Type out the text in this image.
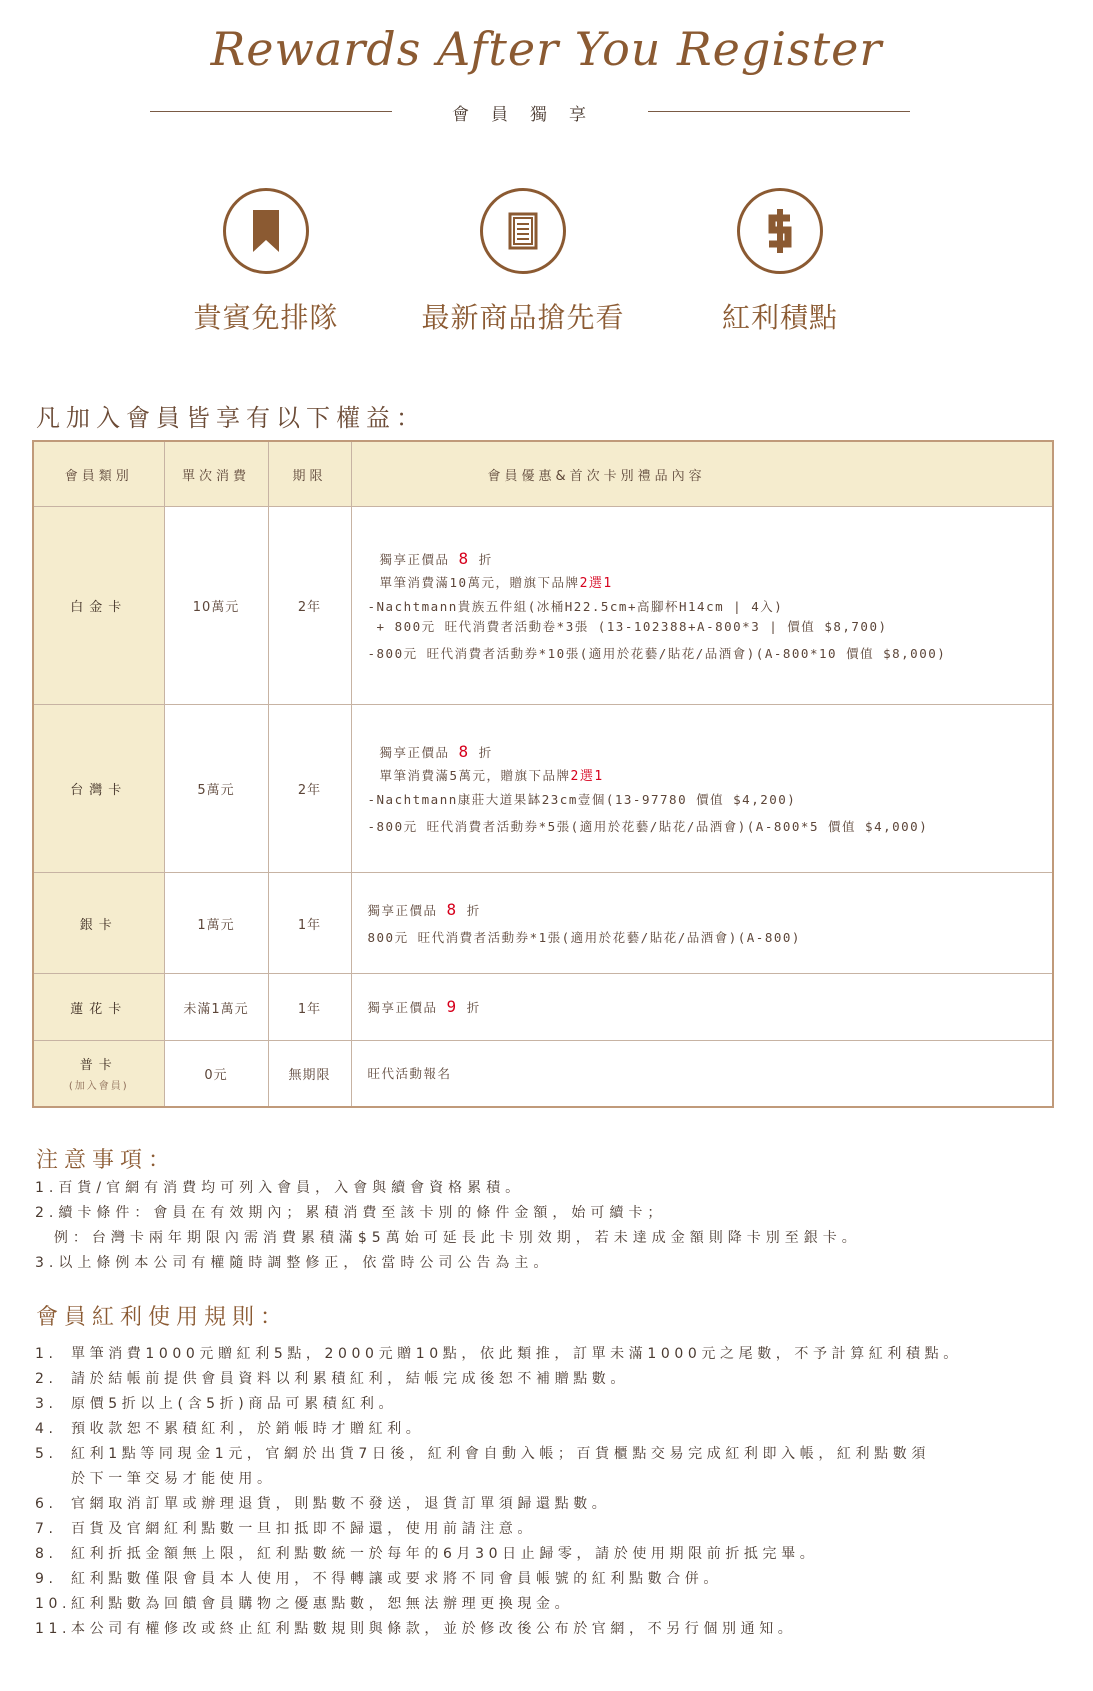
Rewards After You Register
會員獨享
貴賓免排隊	最新商品搶先看	紅利積點
凡加入會員皆享有以下權益：
會員類別	單次消費	期限	會員優惠&首次卡別禮品內容
白金卡	10萬元	2年	獨享正價品 8 折
單筆消費滿10萬元，贈旗下品牌2選1
-Nachtmann貴族五件組(冰桶H22.5cm+高腳杯H14cm | 4入)
+ 800元 旺代消費者活動卷*3張 (13-102388+A-800*3 | 價值 $8,700)
-800元 旺代消費者活動券*10張(適用於花藝/貼花/品酒會)(A-800*10 價值 $8,000)

台灣卡	5萬元	2年	獨享正價品 8 折
單筆消費滿5萬元，贈旗下品牌2選1
-Nachtmann康莊大道果缽23cm壹個(13-97780 價值 $4,200)
-800元 旺代消費者活動券*5張(適用於花藝/貼花/品酒會)(A-800*5 價值 $4,000)

銀卡	1萬元	1年	獨享正價品 8 折
800元 旺代消費者活動券*1張(適用於花藝/貼花/品酒會)(A-800)

蓮花卡	未滿1萬元	1年	獨享正價品 9 折

普卡
(加入會員)	0元	無期限	旺代活動報名
注意事項：
1.百貨/官網有消費均可列入會員，入會與續會資格累積。
2.續卡條件：會員在有效期內；累積消費至該卡別的條件金額，始可續卡；
例：台灣卡兩年期限內需消費累積滿$5萬始可延長此卡別效期，若未達成金額則降卡別至銀卡。
3.以上條例本公司有權隨時調整修正，依當時公司公告為主。
會員紅利使用規則：
1. 單筆消費1000元贈紅利5點，2000元贈10點，依此類推，訂單未滿1000元之尾數，不予計算紅利積點。
2. 請於結帳前提供會員資料以利累積紅利，結帳完成後恕不補贈點數。
3. 原價5折以上(含5折)商品可累積紅利。
4. 預收款恕不累積紅利，於銷帳時才贈紅利。
5. 紅利1點等同現金1元，官網於出貨7日後，紅利會自動入帳；百貨櫃點交易完成紅利即入帳，紅利點數須
於下一筆交易才能使用。
6. 官網取消訂單或辦理退貨，則點數不發送，退貨訂單須歸還點數。
7. 百貨及官網紅利點數一旦扣抵即不歸還，使用前請注意。
8. 紅利折抵金額無上限，紅利點數統一於每年的6月30日止歸零，請於使用期限前折抵完畢。
9. 紅利點數僅限會員本人使用，不得轉讓或要求將不同會員帳號的紅利點數合併。
10. 紅利點數為回饋會員購物之優惠點數，恕無法辦理更換現金。
11. 本公司有權修改或終止紅利點數規則與條款，並於修改後公布於官網，不另行個別通知。
